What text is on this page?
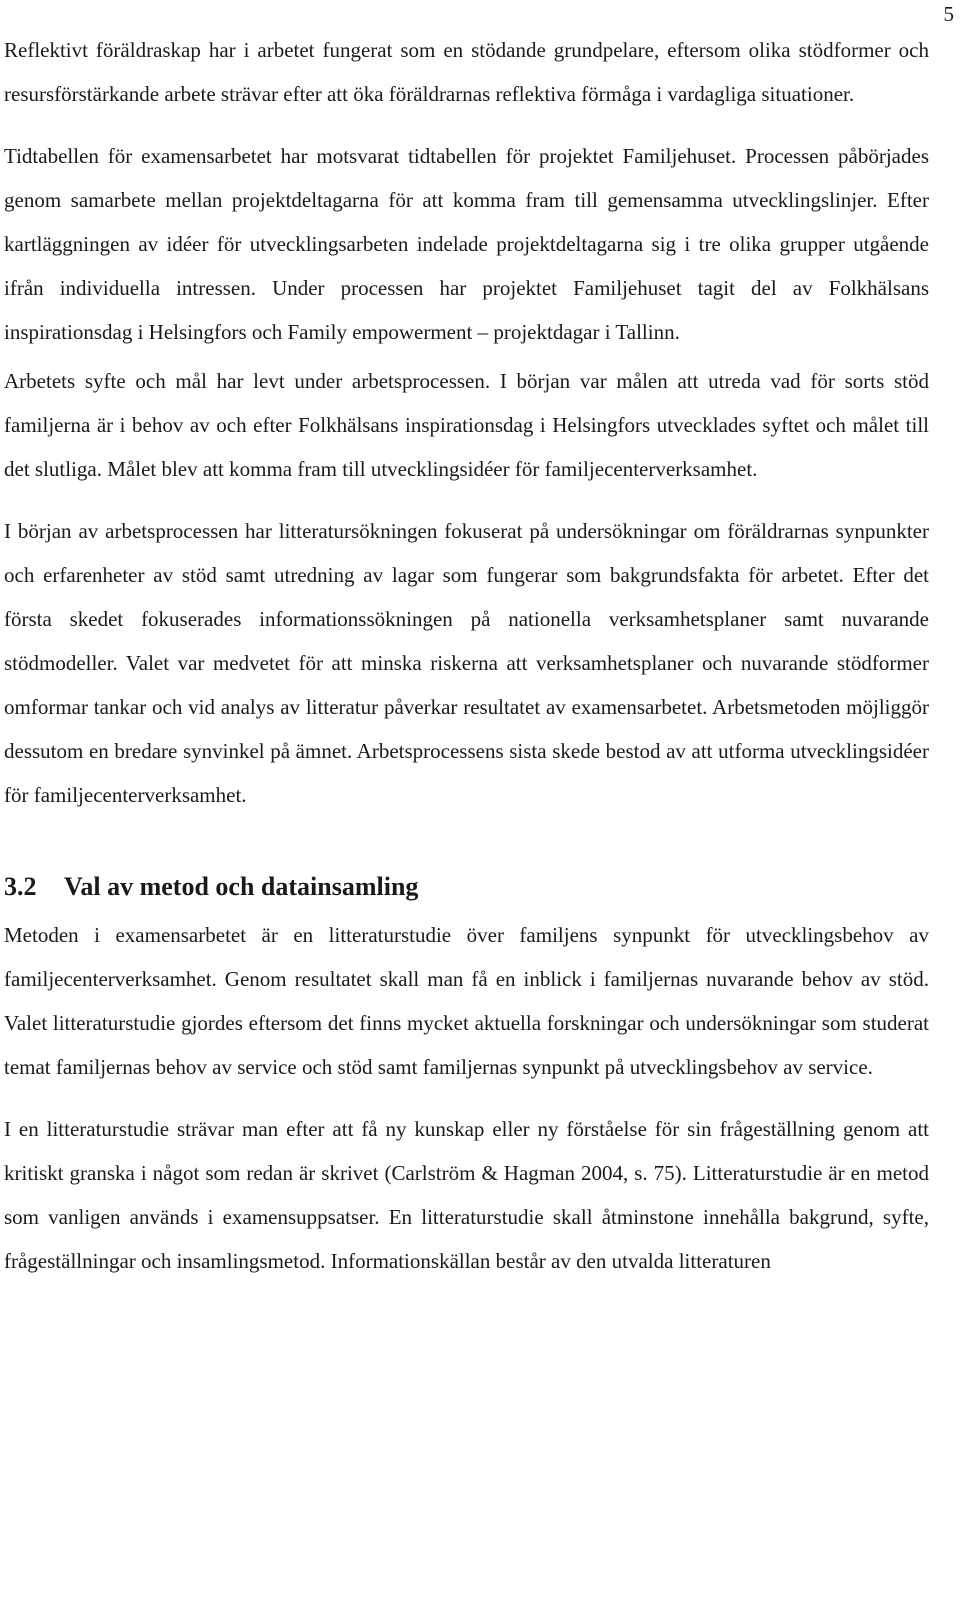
5

Reflektivt föräldraskap har i arbetet fungerat som en stödande grundpelare, eftersom olika stödformer och resursförstärkande arbete strävar efter att öka föräldrarnas reflektiva förmåga i vardagliga situationer.

Tidtabellen för examensarbetet har motsvarat tidtabellen för projektet Familjehuset. Processen påbörjades genom samarbete mellan projektdeltagarna för att komma fram till gemensamma utvecklingslinjer. Efter kartläggningen av idéer för utvecklingsarbeten indelade projektdeltagarna sig i tre olika grupper utgående ifrån individuella intressen. Under processen har projektet Familjehuset tagit del av Folkhälsans inspirationsdag i Helsingfors och Family empowerment – projektdagar i Tallinn.

Arbetets syfte och mål har levt under arbetsprocessen. I början var målen att utreda vad för sorts stöd familjerna är i behov av och efter Folkhälsans inspirationsdag i Helsingfors utvecklades syftet och målet till det slutliga. Målet blev att komma fram till utvecklingsidéer för familjecenterverksamhet.

I början av arbetsprocessen har litteratursökningen fokuserat på undersökningar om föräldrarnas synpunkter och erfarenheter av stöd samt utredning av lagar som fungerar som bakgrundsfakta för arbetet. Efter det första skedet fokuserades informationssökningen på nationella verksamhetsplaner samt nuvarande stödmodeller. Valet var medvetet för att minska riskerna att verksamhetsplaner och nuvarande stödformer omformar tankar och vid analys av litteratur påverkar resultatet av examensarbetet. Arbetsmetoden möjliggör dessutom en bredare synvinkel på ämnet. Arbetsprocessens sista skede bestod av att utforma utvecklingsidéer för familjecenterverksamhet.

3.2 Val av metod och datainsamling

Metoden i examensarbetet är en litteraturstudie över familjens synpunkt för utvecklingsbehov av familjecenterverksamhet. Genom resultatet skall man få en inblick i familjernas nuvarande behov av stöd. Valet litteraturstudie gjordes eftersom det finns mycket aktuella forskningar och undersökningar som studerat temat familjernas behov av service och stöd samt familjernas synpunkt på utvecklingsbehov av service.

I en litteraturstudie strävar man efter att få ny kunskap eller ny förståelse för sin frågeställning genom att kritiskt granska i något som redan är skrivet (Carlström & Hagman 2004, s. 75). Litteraturstudie är en metod som vanligen används i examensuppsatser. En litteraturstudie skall åtminstone innehålla bakgrund, syfte, frågeställningar och insamlingsmetod. Informationskällan består av den utvalda litteraturen
